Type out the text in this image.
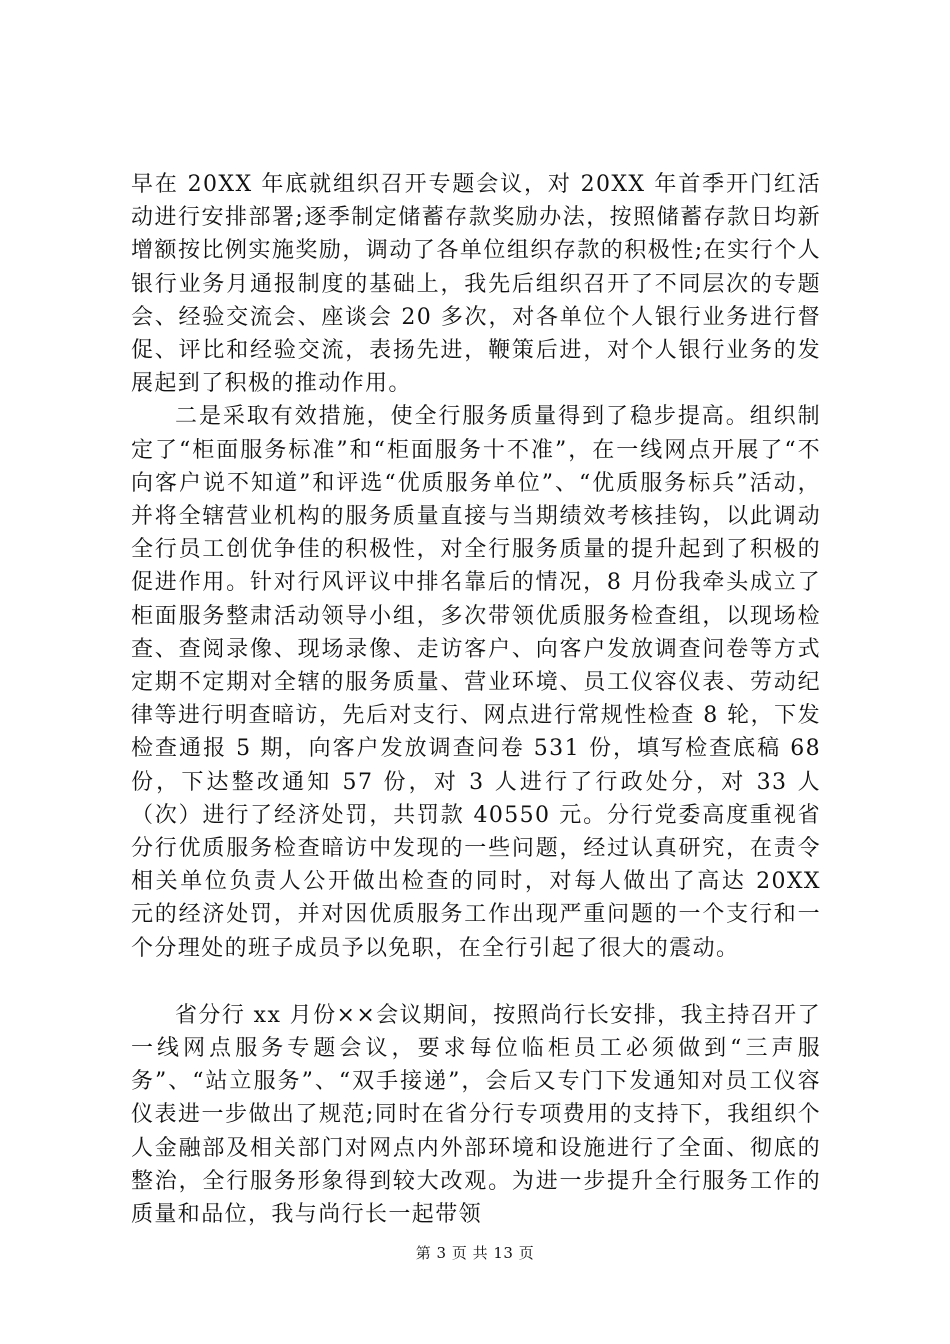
早在 20XX 年底就组织召开专题会议，对 20XX 年首季开门红活动进行安排部署;逐季制定储蓄存款奖励办法，按照储蓄存款日均新增额按比例实施奖励，调动了各单位组织存款的积极性;在实行个人银行业务月通报制度的基础上，我先后组织召开了不同层次的专题会、经验交流会、座谈会 20 多次，对各单位个人银行业务进行督促、评比和经验交流，表扬先进，鞭策后进，对个人银行业务的发展起到了积极的推动作用。

二是采取有效措施，使全行服务质量得到了稳步提高。组织制定了“柜面服务标准”和“柜面服务十不准”，在一线网点开展了“不向客户说不知道”和评选“优质服务单位”、“优质服务标兵”活动，并将全辖营业机构的服务质量直接与当期绩效考核挂钩，以此调动全行员工创优争佳的积极性，对全行服务质量的提升起到了积极的促进作用。针对行风评议中排名靠后的情况，8 月份我牵头成立了柜面服务整肃活动领导小组，多次带领优质服务检查组，以现场检查、查阅录像、现场录像、走访客户、向客户发放调查问卷等方式定期不定期对全辖的服务质量、营业环境、员工仪容仪表、劳动纪律等进行明查暗访，先后对支行、网点进行常规性检查 8 轮，下发检查通报 5 期，向客户发放调查问卷 531 份，填写检查底稿 68 份，下达整改通知 57 份，对 3 人进行了行政处分，对 33 人（次）进行了经济处罚，共罚款 40550 元。分行党委高度重视省分行优质服务检查暗访中发现的一些问题，经过认真研究，在责令相关单位负责人公开做出检查的同时，对每人做出了高达 20XX 元的经济处罚，并对因优质服务工作出现严重问题的一个支行和一个分理处的班子成员予以免职，在全行引起了很大的震动。

省分行 xx 月份××会议期间，按照尚行长安排，我主持召开了一线网点服务专题会议，要求每位临柜员工必须做到“三声服务”、“站立服务”、“双手接递”，会后又专门下发通知对员工仪容仪表进一步做出了规范;同时在省分行专项费用的支持下，我组织个人金融部及相关部门对网点内外部环境和设施进行了全面、彻底的整治，全行服务形象得到较大改观。为进一步提升全行服务工作的质量和品位，我与尚行长一起带领

第 3 页 共 13 页
